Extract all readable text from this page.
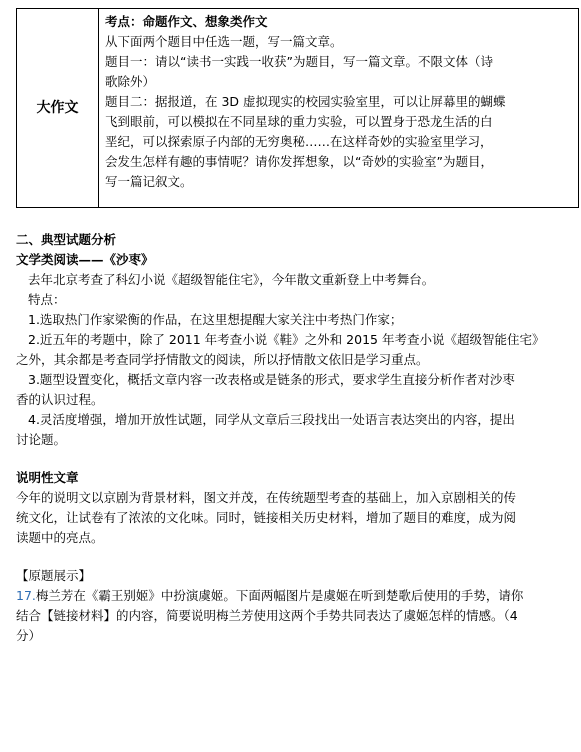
大作文

考点：命题作文、想象类作文

从下面两个题目中任选一题，写一篇文章。

题目一：请以“读书一实践一收获”为题目，写一篇文章。不限文体（诗

歌除外）

题目二：据报道，在 3D 虚拟现实的校园实验室里，可以让屏幕里的蝴蝶

飞到眼前，可以模拟在不同星球的重力实验，可以置身于恐龙生活的白

垩纪，可以探索原子内部的无穷奥秘……在这样奇妙的实验室里学习，

会发生怎样有趣的事情呢？请你发挥想象，以“奇妙的实验室”为题目，

写一篇记叙文。

二、典型试题分析

文学类阅读——《沙枣》

去年北京考查了科幻小说《超级智能住宅》，今年散文重新登上中考舞台。

特点：

1.选取热门作家梁衡的作品，在这里想提醒大家关注中考热门作家；

2.近五年的考题中，除了 2011 年考查小说《鞋》之外和 2015 年考查小说《超级智能住宅》

之外，其余都是考查同学抒情散文的阅读，所以抒情散文依旧是学习重点。

3.题型设置变化，概括文章内容一改表格或是链条的形式，要求学生直接分析作者对沙枣

香的认识过程。

4.灵活度增强，增加开放性试题，同学从文章后三段找出一处语言表达突出的内容，提出

讨论题。

说明性文章

今年的说明文以京剧为背景材料，图文并茂，在传统题型考查的基础上，加入京剧相关的传

统文化，让试卷有了浓浓的文化味。同时，链接相关历史材料，增加了题目的难度，成为阅

读题中的亮点。

【原题展示】

17.梅兰芳在《霸王别姬》中扮演虞姬。下面两幅图片是虞姬在听到楚歌后使用的手势，请你

结合【链接材料】的内容，简要说明梅兰芳使用这两个手势共同表达了虞姬怎样的情感。（4

分）
